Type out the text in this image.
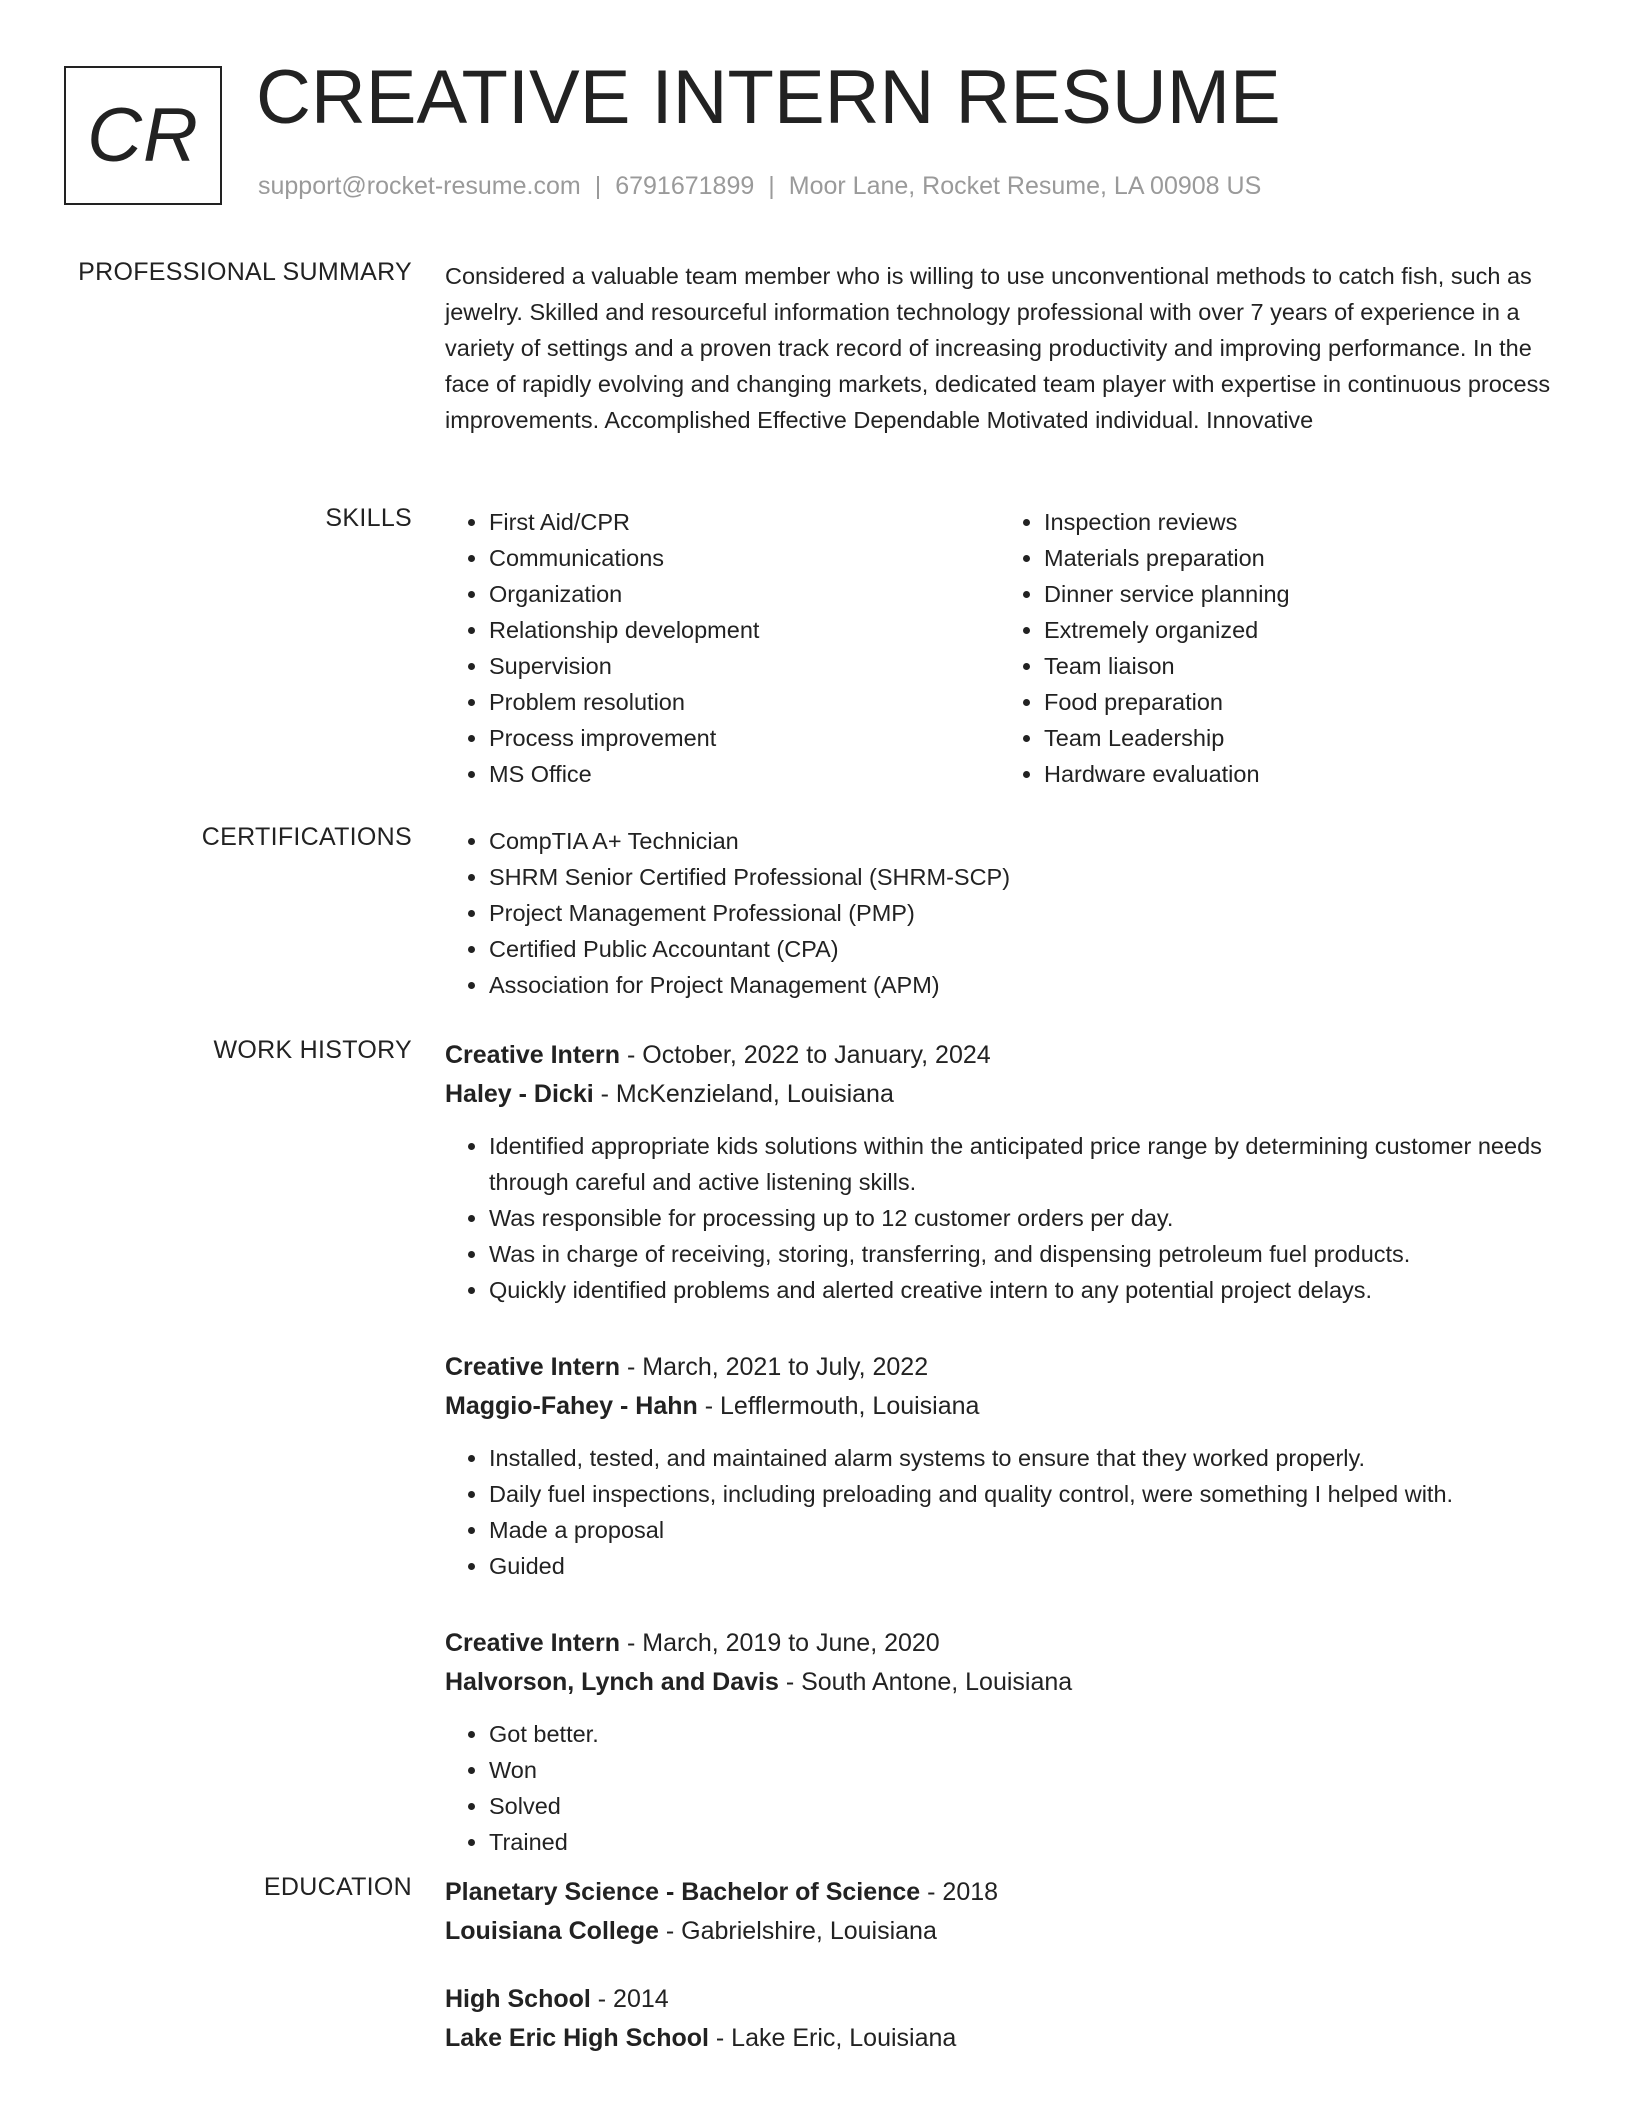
CR CREATIVE INTERN RESUME
support@rocket-resume.com | 6791671899 | Moor Lane, Rocket Resume, LA 00908 US
PROFESSIONAL SUMMARY Considered a valuable team member who is willing to use unconventional methods to catch fish, such as jewelry. Skilled and resourceful information technology professional with over 7 years of experience in a variety of settings and a proven track record of increasing productivity and improving performance. In the face of rapidly evolving and changing markets, dedicated team player with expertise in continuous process improvements. Accomplished Effective Dependable Motivated individual. Innovative
SKILLS	• First Aid/CPR
• Communications
• Organization
• Relationship development
• Supervision
• Problem resolution
• Process improvement
• MS Office
• Inspection reviews
• Materials preparation
• Dinner service planning
• Extremely organized
• Team liaison
• Food preparation
• Team Leadership
• Hardware evaluation
CERTIFICATIONS	• CompTIA A+ Technician
• SHRM Senior Certified Professional (SHRM-SCP)
• Project Management Professional (PMP)
• Certified Public Accountant (CPA)
• Association for Project Management (APM)
WORK HISTORY Creative Intern - October, 2022 to January, 2024
Haley - Dicki - McKenzieland, Louisiana
• Identified appropriate kids solutions within the anticipated price range by determining customer needs through careful and active listening skills.
• Was responsible for processing up to 12 customer orders per day.
• Was in charge of receiving, storing, transferring, and dispensing petroleum fuel products.
• Quickly identified problems and alerted creative intern to any potential project delays.
Creative Intern - March, 2021 to July, 2022
Maggio-Fahey - Hahn - Lefflermouth, Louisiana
• Installed, tested, and maintained alarm systems to ensure that they worked properly.
• Daily fuel inspections, including preloading and quality control, were something I helped with.
• Made a proposal
• Guided
Creative Intern - March, 2019 to June, 2020
Halvorson, Lynch and Davis - South Antone, Louisiana
• Got better.
• Won
• Solved
• Trained
EDUCATION Planetary Science - Bachelor of Science - 2018
Louisiana College - Gabrielshire, Louisiana
High School - 2014
Lake Eric High School - Lake Eric, Louisiana
